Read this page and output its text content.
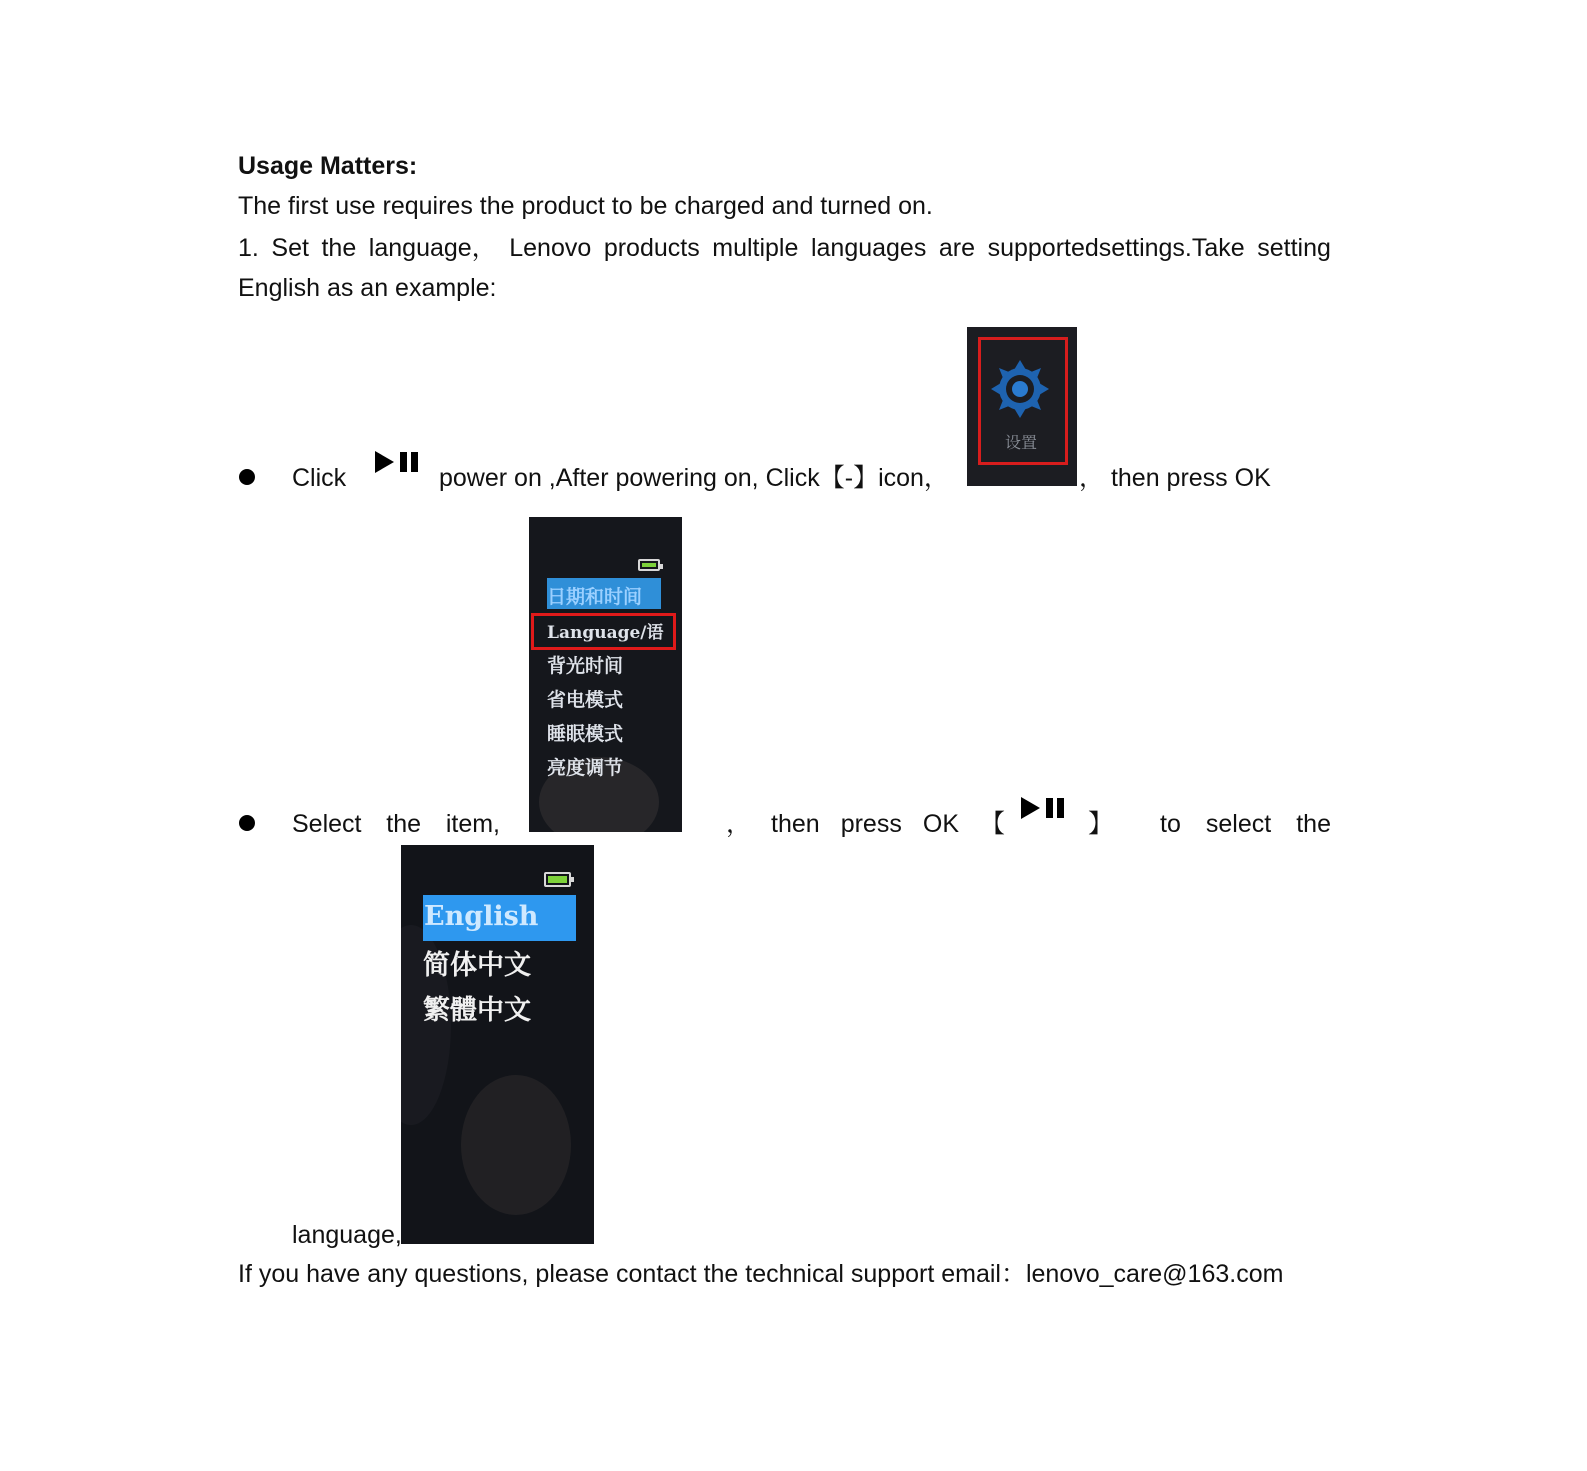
Usage Matters:
The first use requires the product to be charged and turned on.
1. Set the language， Lenovo products multiple languages are supportedsettings.Take setting
English as an example:
Click	power on ,After powering on, Click【-】icon，
设置
， then press OK
日期和时间
Language/语
背光时间
省电模式
睡眠模式
亮度调节
Select the item,	， then press OK 【	】 to select the
English
简体中文
繁體中文
language,
If you have any questions, please contact the technical support email：lenovo_care@163.com
